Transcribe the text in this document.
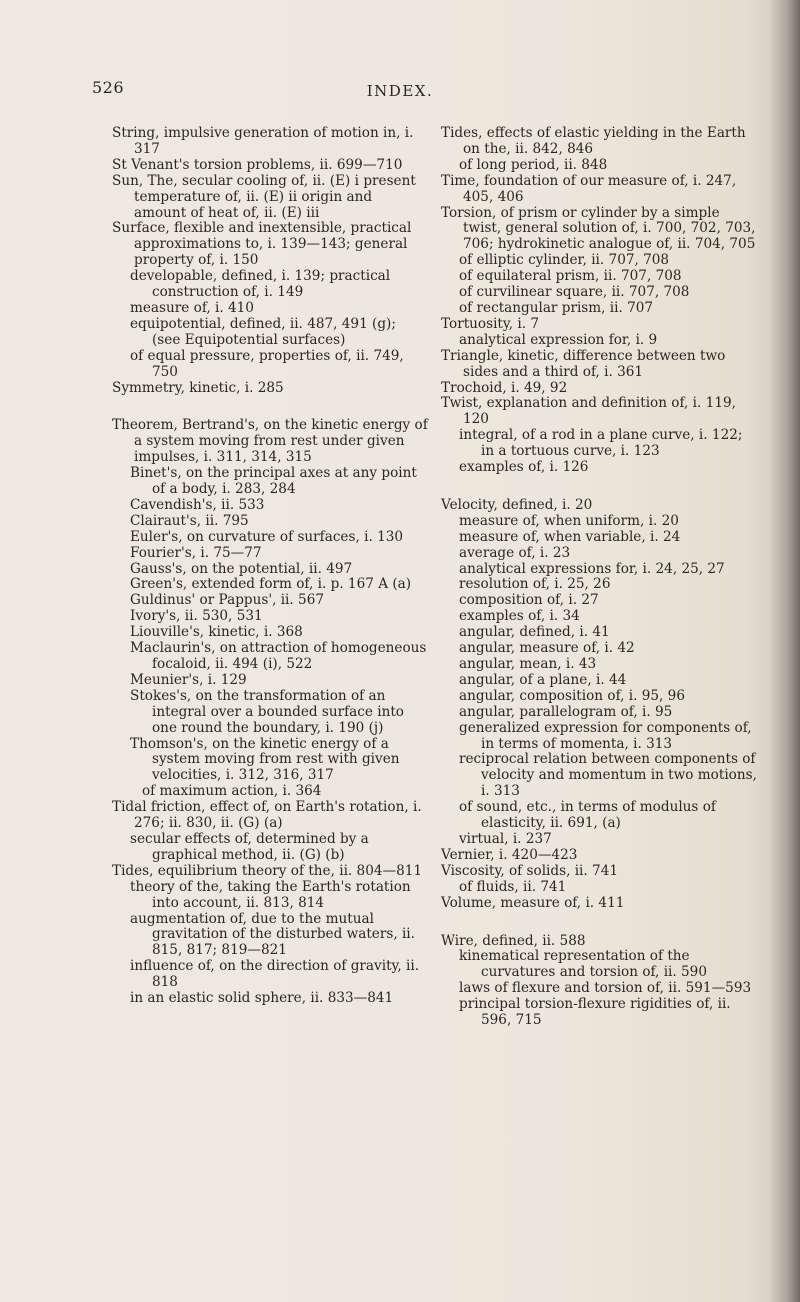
526	INDEX.

String, impulsive generation of motion in, i. 317

St Venant's torsion problems, ii. 699—710

Sun, The, secular cooling of, ii. (E) i present temperature of, ii. (E) ii origin and amount of heat of, ii. (E) iii

Surface, flexible and inextensible, practical approximations to, i. 139—143; general property of, i. 150

developable, defined, i. 139; practical construction of, i. 149

measure of, i. 410

equipotential, defined, ii. 487, 491 (g); (see Equipotential surfaces)

of equal pressure, properties of, ii. 749, 750

Symmetry, kinetic, i. 285

Theorem, Bertrand's, on the kinetic energy of a system moving from rest under given impulses, i. 311, 314, 315

Binet's, on the principal axes at any point of a body, i. 283, 284

Cavendish's, ii. 533

Clairaut's, ii. 795

Euler's, on curvature of surfaces, i. 130

Fourier's, i. 75—77

Gauss's, on the potential, ii. 497

Green's, extended form of, i. p. 167 A (a)

Guldinus' or Pappus', ii. 567

Ivory's, ii. 530, 531

Liouville's, kinetic, i. 368

Maclaurin's, on attraction of homogeneous focaloid, ii. 494 (i), 522

Meunier's, i. 129

Stokes's, on the transformation of an integral over a bounded surface into one round the boundary, i. 190 (j)

Thomson's, on the kinetic energy of a system moving from rest with given velocities, i. 312, 316, 317

of maximum action, i. 364

Tidal friction, effect of, on Earth's rotation, i. 276; ii. 830, ii. (G) (a)

secular effects of, determined by a graphical method, ii. (G) (b)

Tides, equilibrium theory of the, ii. 804—811

theory of the, taking the Earth's rotation into account, ii. 813, 814

augmentation of, due to the mutual gravitation of the disturbed waters, ii. 815, 817; 819—821

influence of, on the direction of gravity, ii. 818

in an elastic solid sphere, ii. 833—841

Tides, effects of elastic yielding in the Earth on the, ii. 842, 846

of long period, ii. 848

Time, foundation of our measure of, i. 247, 405, 406

Torsion, of prism or cylinder by a simple twist, general solution of, i. 700, 702, 703, 706; hydrokinetic analogue of, ii. 704, 705

of elliptic cylinder, ii. 707, 708

of equilateral prism, ii. 707, 708

of curvilinear square, ii. 707, 708

of rectangular prism, ii. 707

Tortuosity, i. 7

analytical expression for, i. 9

Triangle, kinetic, difference between two sides and a third of, i. 361

Trochoid, i. 49, 92

Twist, explanation and definition of, i. 119, 120

integral, of a rod in a plane curve, i. 122; in a tortuous curve, i. 123

examples of, i. 126

Velocity, defined, i. 20

measure of, when uniform, i. 20

measure of, when variable, i. 24

average of, i. 23

analytical expressions for, i. 24, 25, 27

resolution of, i. 25, 26

composition of, i. 27

examples of, i. 34

angular, defined, i. 41

angular, measure of, i. 42

angular, mean, i. 43

angular, of a plane, i. 44

angular, composition of, i. 95, 96

angular, parallelogram of, i. 95

generalized expression for components of, in terms of momenta, i. 313

reciprocal relation between components of velocity and momentum in two motions, i. 313

of sound, etc., in terms of modulus of elasticity, ii. 691, (a)

virtual, i. 237

Vernier, i. 420—423

Viscosity, of solids, ii. 741

of fluids, ii. 741

Volume, measure of, i. 411

Wire, defined, ii. 588

kinematical representation of the curvatures and torsion of, ii. 590

laws of flexure and torsion of, ii. 591—593

principal torsion-flexure rigidities of, ii. 596, 715
